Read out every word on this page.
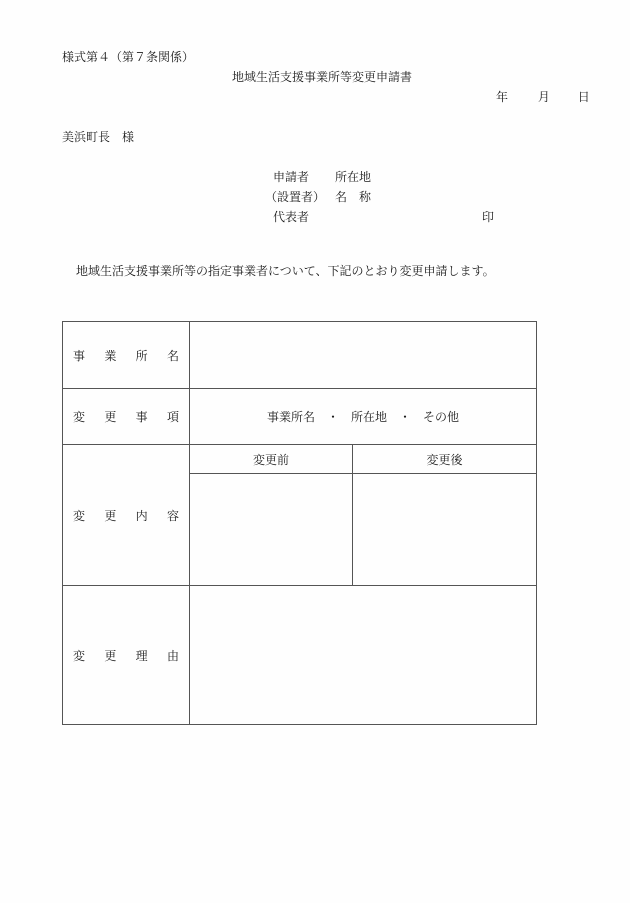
様式第４（第７条関係）
地域生活支援事業所等変更申請書
年 月 日
美浜町長　様
申請者 所在地
（設置者） 名　称
代表者	印
地域生活支援事業所等の指定事業者について、下記のとおり変更申請します。
事 業 所 名		

変 更 事 項	事業所名　・　所在地　・　その他	

変 更 内 容	変更前	変更後

変 更 理 由		
